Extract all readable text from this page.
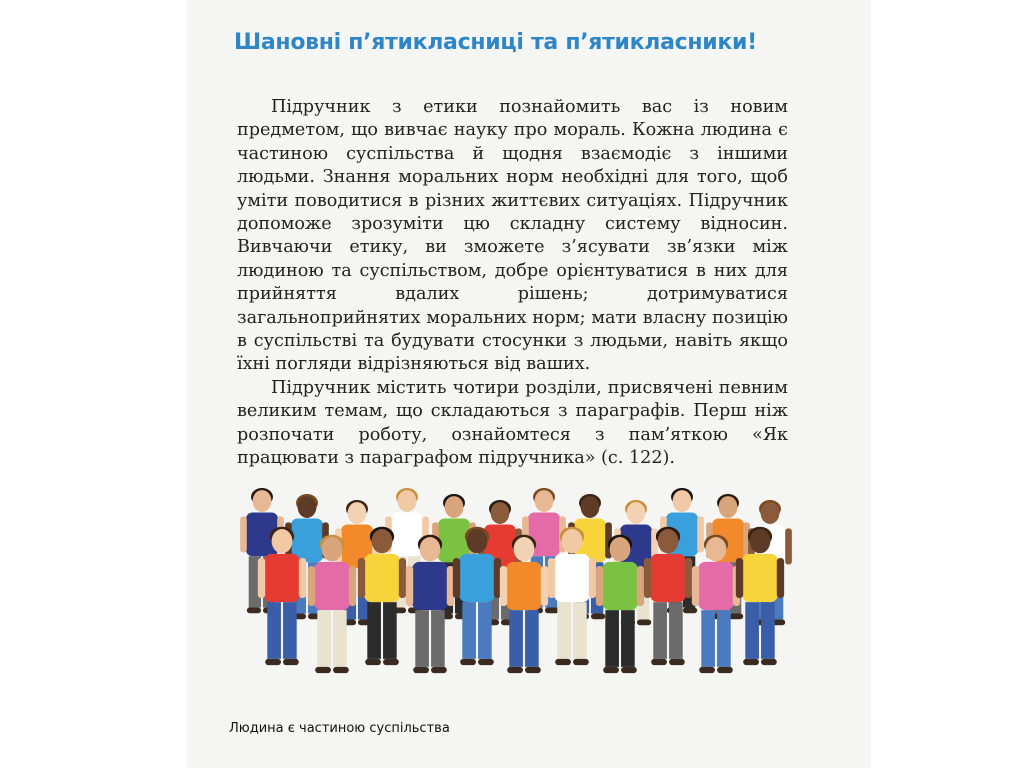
Шановні п’ятикласниці та п’ятикласники!

Підручник з етики познайомить вас із новим предметом, що вивчає науку про мораль. Кожна людина є частиною суспільства й щодня взаємодіє з іншими людьми. Знання моральних норм необхідні для того, щоб уміти поводитися в різних життєвих ситуаціях. Підручник допоможе зрозуміти цю складну систему відносин. Вивчаючи етику, ви зможете з’ясувати зв’язки між людиною та суспільством, добре орієнтуватися в них для прийняття вдалих рішень; дотримуватися загальноприйнятих моральних норм; мати власну позицію в суспільстві та будувати стосунки з людьми, навіть якщо їхні погляди відрізняються від ваших.

Підручник містить чотири розділи, присвячені певним великим темам, що складаються з параграфів. Перш ніж розпочати роботу, ознайомтеся з пам’яткою «Як працювати з параграфом підручника» (с. 122).

Людина є частиною суспільства
